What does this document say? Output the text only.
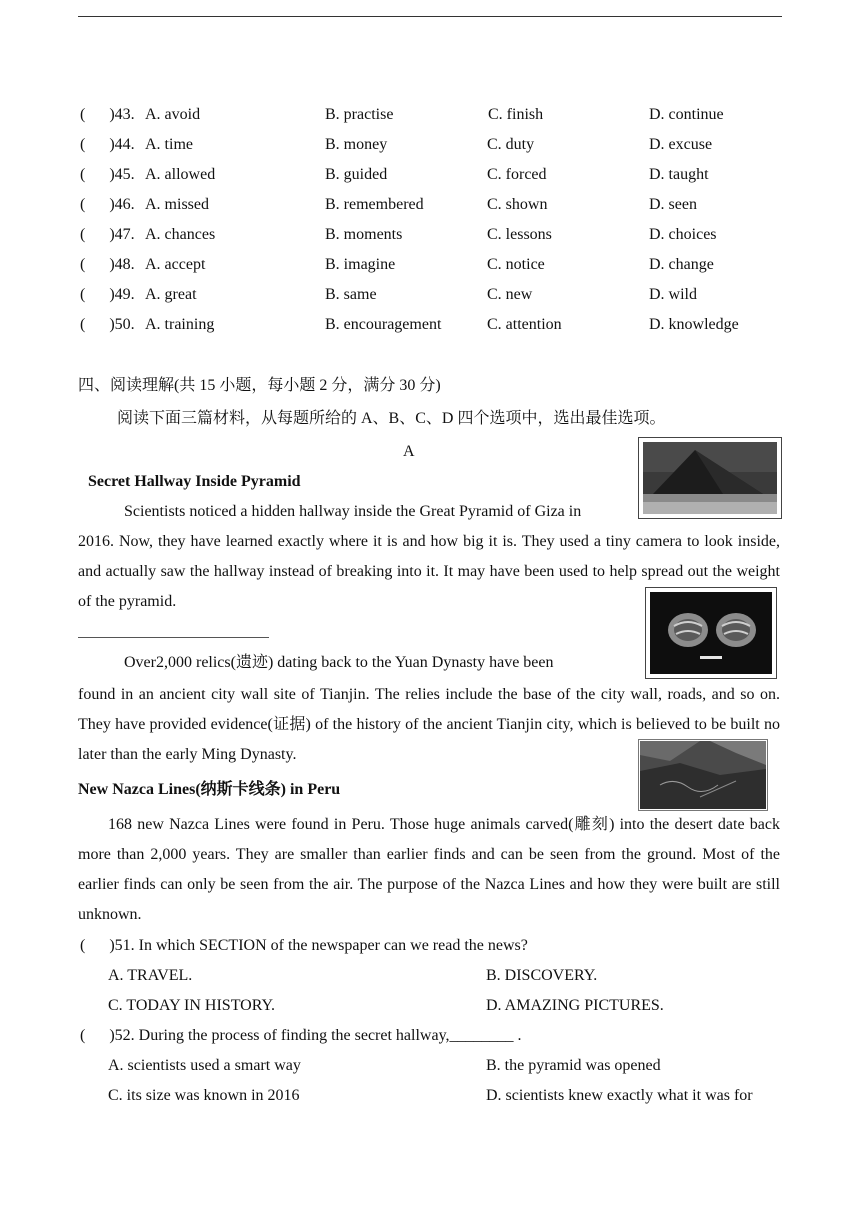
(      )43. A. avoid	B. practise	C. finish	D. continue
(      )44. A. time	B. money	C. duty	D. excuse
(      )45. A. allowed	B. guided	C. forced	D. taught
(      )46. A. missed	B. remembered	C. shown	D. seen
(      )47. A. chances	B. moments	C. lessons	D. choices
(      )48. A. accept	B. imagine	C. notice	D. change
(      )49. A. great	B. same	C. new	D. wild
(      )50. A. training	B. encouragement	C. attention	D. knowledge
四、阅读理解(共 15 小题，每小题 2 分，满分 30 分)
阅读下面三篇材料，从每题所给的 A、B、C、D 四个选项中，选出最佳选项。
A
Secret Hallway Inside Pyramid
Scientists noticed a hidden hallway inside the Great Pyramid of Giza in
2016. Now, they have learned exactly where it is and how big it is. They used a tiny camera to look inside, and actually saw the hallway instead of breaking into it. It may have been used to help spread out the weight of the pyramid.
Over2,000 relics(遗迹) dating back to the Yuan Dynasty have been
found in an ancient city wall site of Tianjin. The relies include the base of the city wall, roads, and so on. They have provided evidence(证据) of the history of the ancient Tianjin city, which is believed to be built no later than the early Ming Dynasty.
New Nazca Lines(纳斯卡线条) in Peru
168 new Nazca Lines were found in Peru. Those huge animals carved(雕刻) into the desert date back more than 2,000 years. They are smaller than earlier finds and can be seen from the ground. Most of the earlier finds can only be seen from the air. The purpose of the Nazca Lines and how they were built are still unknown.
(      )51. In which SECTION of the newspaper can we read the news?
A. TRAVEL.	B. DISCOVERY.
C. TODAY IN HISTORY.	D. AMAZING PICTURES.
(      )52. During the process of finding the secret hallway,________ .
A. scientists used a smart way	B. the pyramid was opened
C. its size was known in 2016	D. scientists knew exactly what it was for
